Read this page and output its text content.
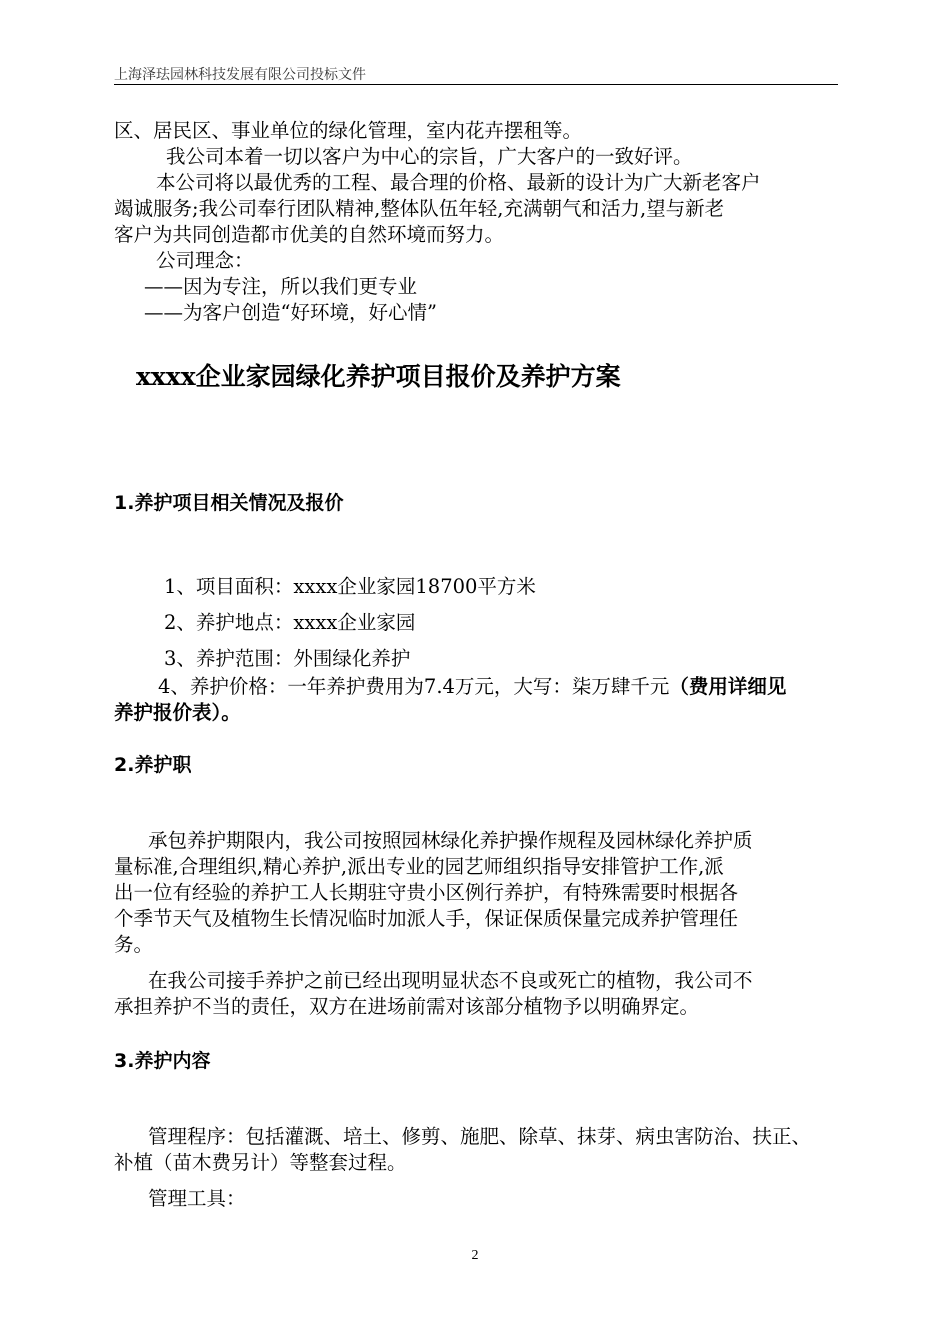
上海泽珐园林科技发展有限公司投标文件

区、居民区、事业单位的绿化管理，室内花卉摆租等。

我公司本着一切以客户为中心的宗旨，广大客户的一致好评。

本公司将以最优秀的工程、最合理的价格、最新的设计为广大新老客户

竭诚服务;我公司奉行团队精神,整体队伍年轻,充满朝气和活力,望与新老

客户为共同创造都市优美的自然环境而努力。

公司理念：

——因为专注，所以我们更专业

——为客户创造“好环境，好心情”

xxxx企业家园绿化养护项目报价及养护方案

1.养护项目相关情况及报价

1、项目面积：xxxx企业家园18700平方米

2、养护地点：xxxx企业家园

3、养护范围：外围绿化养护

4、养护价格：一年养护费用为7.4万元，大写：柒万肆千元（费用详细见

养护报价表）。

2.养护职

承包养护期限内，我公司按照园林绿化养护操作规程及园林绿化养护质

量标准,合理组织,精心养护,派出专业的园艺师组织指导安排管护工作,派

出一位有经验的养护工人长期驻守贵小区例行养护，有特殊需要时根据各

个季节天气及植物生长情况临时加派人手，保证保质保量完成养护管理任

务。

在我公司接手养护之前已经出现明显状态不良或死亡的植物，我公司不

承担养护不当的责任，双方在进场前需对该部分植物予以明确界定。

3.养护内容

管理程序：包括灌溉、培土、修剪、施肥、除草、抹芽、病虫害防治、扶正、

补植（苗木费另计）等整套过程。

管理工具：

2
